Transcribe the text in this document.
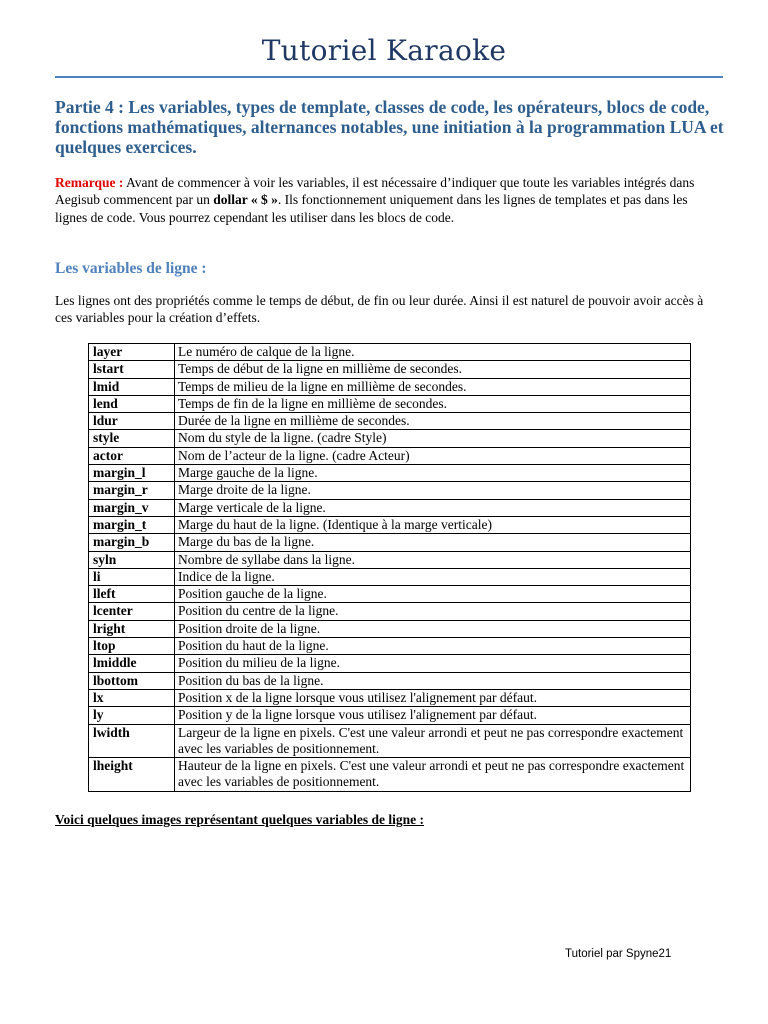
Tutoriel Karaoke
Partie 4 : Les variables, types de template, classes de code, les opérateurs, blocs de code, fonctions mathématiques, alternances notables, une initiation à la programmation LUA et quelques exercices.
Remarque : Avant de commencer à voir les variables, il est nécessaire d’indiquer que toute les variables intégrés dans Aegisub commencent par un dollar « $ ». Ils fonctionnement uniquement dans les lignes de templates et pas dans les lignes de code. Vous pourrez cependant les utiliser dans les blocs de code.
Les variables de ligne :
Les lignes ont des propriétés comme le temps de début, de fin ou leur durée. Ainsi il est naturel de pouvoir avoir accès à ces variables pour la création d’effets.
layer	Le numéro de calque de la ligne.
lstart	Temps de début de la ligne en millième de secondes.
lmid	Temps de milieu de la ligne en millième de secondes.
lend	Temps de fin de la ligne en millième de secondes.
ldur	Durée de la ligne en millième de secondes.
style	Nom du style de la ligne. (cadre Style)
actor	Nom de l’acteur de la ligne. (cadre Acteur)
margin_l	Marge gauche de la ligne.
margin_r	Marge droite de la ligne.
margin_v	Marge verticale de la ligne.
margin_t	Marge du haut de la ligne. (Identique à la marge verticale)
margin_b	Marge du bas de la ligne.
syln	Nombre de syllabe dans la ligne.
li	Indice de la ligne.
lleft	Position gauche de la ligne.
lcenter	Position du centre de la ligne.
lright	Position droite de la ligne.
ltop	Position du haut de la ligne.
lmiddle	Position du milieu de la ligne.
lbottom	Position du bas de la ligne.
lx	Position x de la ligne lorsque vous utilisez l'alignement par défaut.
ly	Position y de la ligne lorsque vous utilisez l'alignement par défaut.
lwidth	Largeur de la ligne en pixels. C'est une valeur arrondi et peut ne pas correspondre exactement avec les variables de positionnement.
lheight	Hauteur de la ligne en pixels. C'est une valeur arrondi et peut ne pas correspondre exactement avec les variables de positionnement.
Voici quelques images représentant quelques variables de ligne :
Tutoriel par Spyne21
